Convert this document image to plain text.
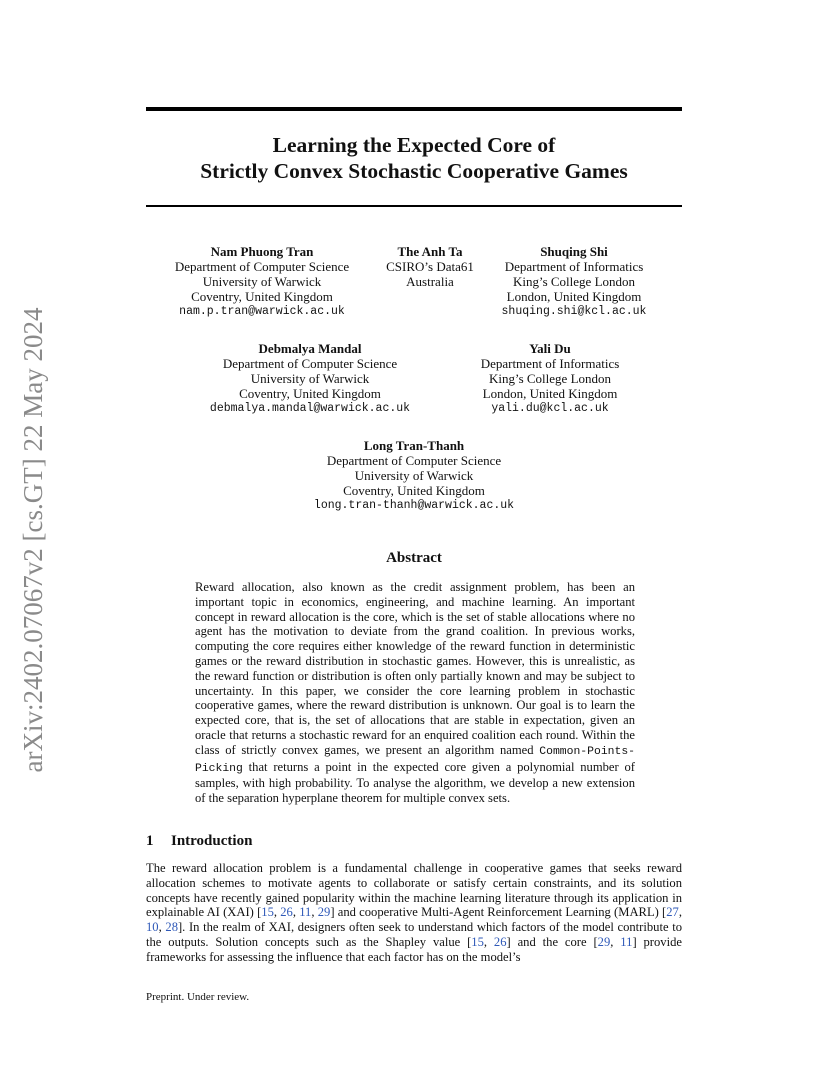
arXiv:2402.07067v2 [cs.GT] 22 May 2024
Learning the Expected Core of
Strictly Convex Stochastic Cooperative Games
Nam Phuong Tran
Department of Computer Science
University of Warwick
Coventry, United Kingdom
nam.p.tran@warwick.ac.uk
The Anh Ta
CSIRO’s Data61
Australia
Shuqing Shi
Department of Informatics
King’s College London
London, United Kingdom
shuqing.shi@kcl.ac.uk
Debmalya Mandal
Department of Computer Science
University of Warwick
Coventry, United Kingdom
debmalya.mandal@warwick.ac.uk
Yali Du
Department of Informatics
King’s College London
London, United Kingdom
yali.du@kcl.ac.uk
Long Tran-Thanh
Department of Computer Science
University of Warwick
Coventry, United Kingdom
long.tran-thanh@warwick.ac.uk
Abstract
Reward allocation, also known as the credit assignment problem, has been an important topic in economics, engineering, and machine learning. An important concept in reward allocation is the core, which is the set of stable allocations where no agent has the motivation to deviate from the grand coalition. In previous works, computing the core requires either knowledge of the reward function in deterministic games or the reward distribution in stochastic games. However, this is unrealistic, as the reward function or distribution is often only partially known and may be subject to uncertainty. In this paper, we consider the core learning problem in stochastic cooperative games, where the reward distribution is unknown. Our goal is to learn the expected core, that is, the set of allocations that are stable in expectation, given an oracle that returns a stochastic reward for an enquired coalition each round. Within the class of strictly convex games, we present an algorithm named Common-Points-Picking that returns a point in the expected core given a polynomial number of samples, with high probability. To analyse the algorithm, we develop a new extension of the separation hyperplane theorem for multiple convex sets.
1 Introduction
The reward allocation problem is a fundamental challenge in cooperative games that seeks reward allocation schemes to motivate agents to collaborate or satisfy certain constraints, and its solution concepts have recently gained popularity within the machine learning literature through its application in explainable AI (XAI) [15, 26, 11, 29] and cooperative Multi-Agent Reinforcement Learning (MARL) [27, 10, 28]. In the realm of XAI, designers often seek to understand which factors of the model contribute to the outputs. Solution concepts such as the Shapley value [15, 26] and the core [29, 11] provide frameworks for assessing the influence that each factor has on the model’s
Preprint. Under review.
